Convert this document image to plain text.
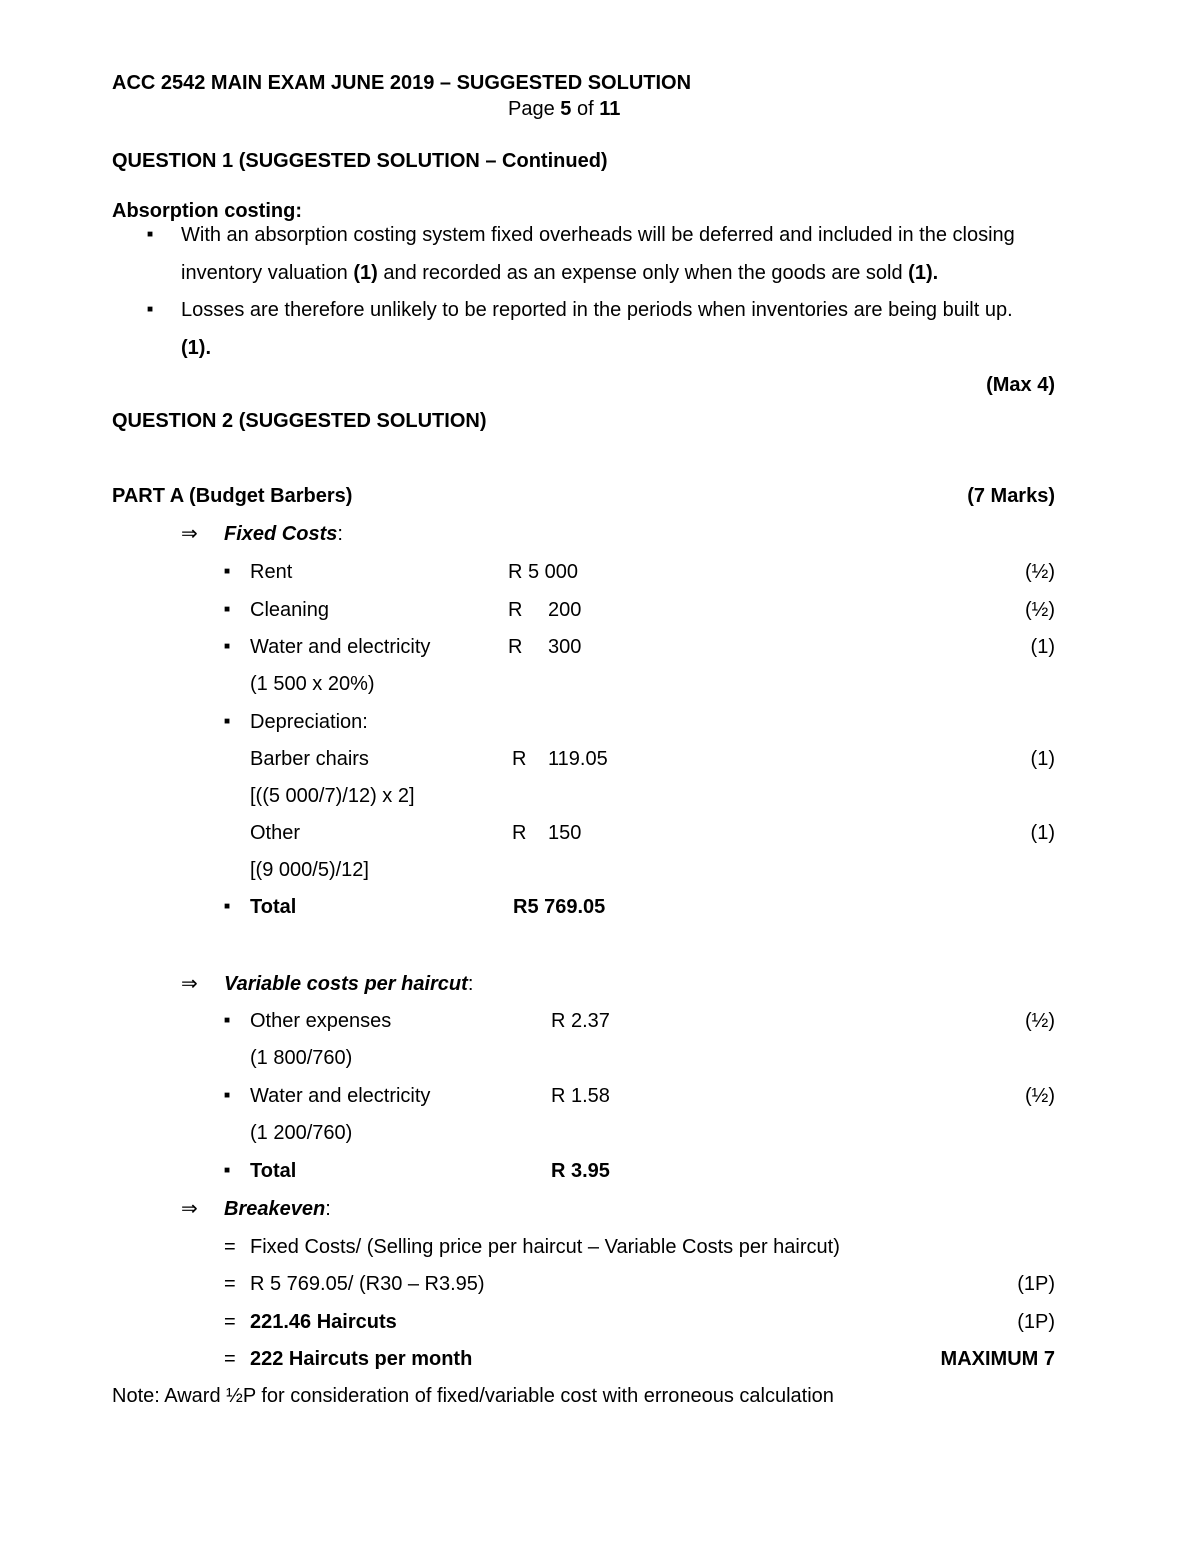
ACC 2542 MAIN EXAM JUNE 2019 – SUGGESTED SOLUTION
Page 5 of 11
QUESTION 1 (SUGGESTED SOLUTION – Continued)
Absorption costing:
■ With an absorption costing system fixed overheads will be deferred and included in the closing
inventory valuation (1) and recorded as an expense only when the goods are sold (1).
■ Losses are therefore unlikely to be reported in the periods when inventories are being built up.
(1).
(Max 4)
QUESTION 2 (SUGGESTED SOLUTION)
PART A (Budget Barbers)	(7 Marks)
⇒ Fixed Costs:
■ Rent	R 5 000	(½)
■ Cleaning	R 200	(½)
■ Water and electricity	R 300	(1)
(1 500 x 20%)
■ Depreciation:
Barber chairs	R 119.05	(1)
[((5 000/7)/12) x 2]
Other	R 150	(1)
[(9 000/5)/12]
■ Total	R5 769.05
⇒ Variable costs per haircut:
■ Other expenses	R 2.37	(½)
(1 800/760)
■ Water and electricity	R 1.58	(½)
(1 200/760)
■ Total	R 3.95
⇒ Breakeven:
= Fixed Costs/ (Selling price per haircut – Variable Costs per haircut)
= R 5 769.05/ (R30 – R3.95)	(1P)
= 221.46 Haircuts	(1P)
= 222 Haircuts per month	MAXIMUM 7
Note: Award ½P for consideration of fixed/variable cost with erroneous calculation
